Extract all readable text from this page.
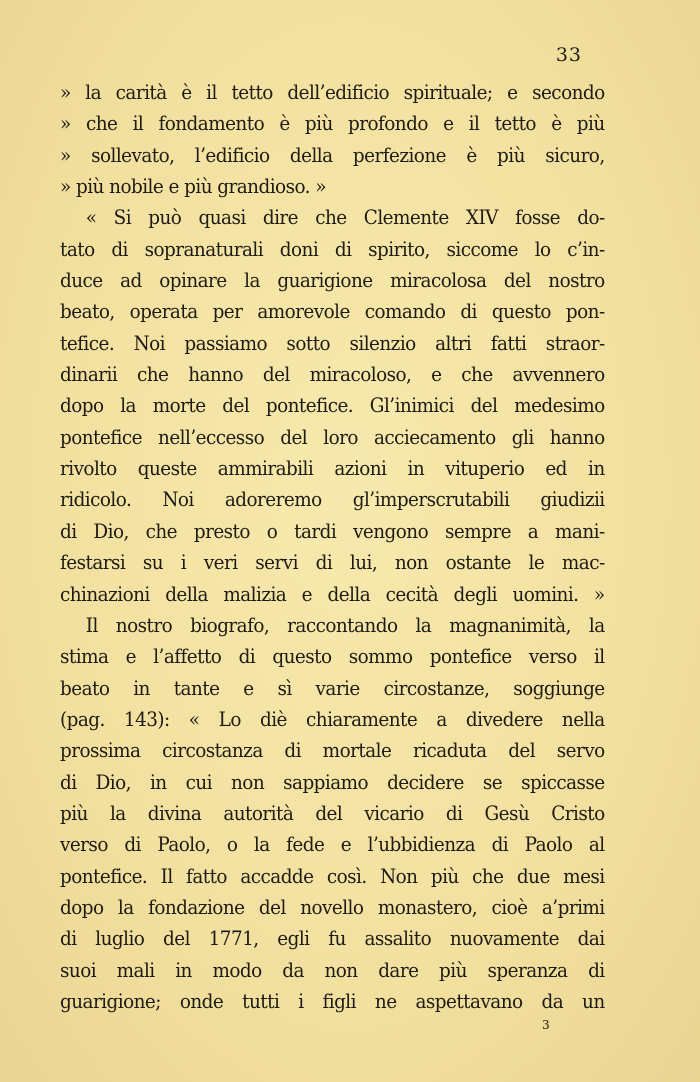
33
» la carità è il tetto dell’edificio spirituale; e secondo
» che il fondamento è più profondo e il tetto è più
» sollevato, l’edificio della perfezione è più sicuro,
» più nobile e più grandioso. »
« Si può quasi dire che Clemente XIV fosse do-
tato di sopranaturali doni di spirito, siccome lo c’in-
duce ad opinare la guarigione miracolosa del nostro
beato, operata per amorevole comando di questo pon-
tefice. Noi passiamo sotto silenzio altri fatti straor-
dinarii che hanno del miracoloso, e che avvennero
dopo la morte del pontefice. Gl’inimici del medesimo
pontefice nell’eccesso del loro acciecamento gli hanno
rivolto queste ammirabili azioni in vituperio ed in
ridicolo. Noi adoreremo gl’imperscrutabili giudizii
di Dio, che presto o tardi vengono sempre a mani-
festarsi su i veri servi di lui, non ostante le mac-
chinazioni della malizia e della cecità degli uomini. »
Il nostro biografo, raccontando la magnanimità, la
stima e l’affetto di questo sommo pontefice verso il
beato in tante e sì varie circostanze, soggiunge
(pag. 143): « Lo diè chiaramente a divedere nella
prossima circostanza di mortale ricaduta del servo
di Dio, in cui non sappiamo decidere se spiccasse
più la divina autorità del vicario di Gesù Cristo
verso di Paolo, o la fede e l’ubbidienza di Paolo al
pontefice. Il fatto accadde così. Non più che due mesi
dopo la fondazione del novello monastero, cioè a’primi
di luglio del 1771, egli fu assalito nuovamente dai
suoi mali in modo da non dare più speranza di
guarigione; onde tutti i figli ne aspettavano da un
3
